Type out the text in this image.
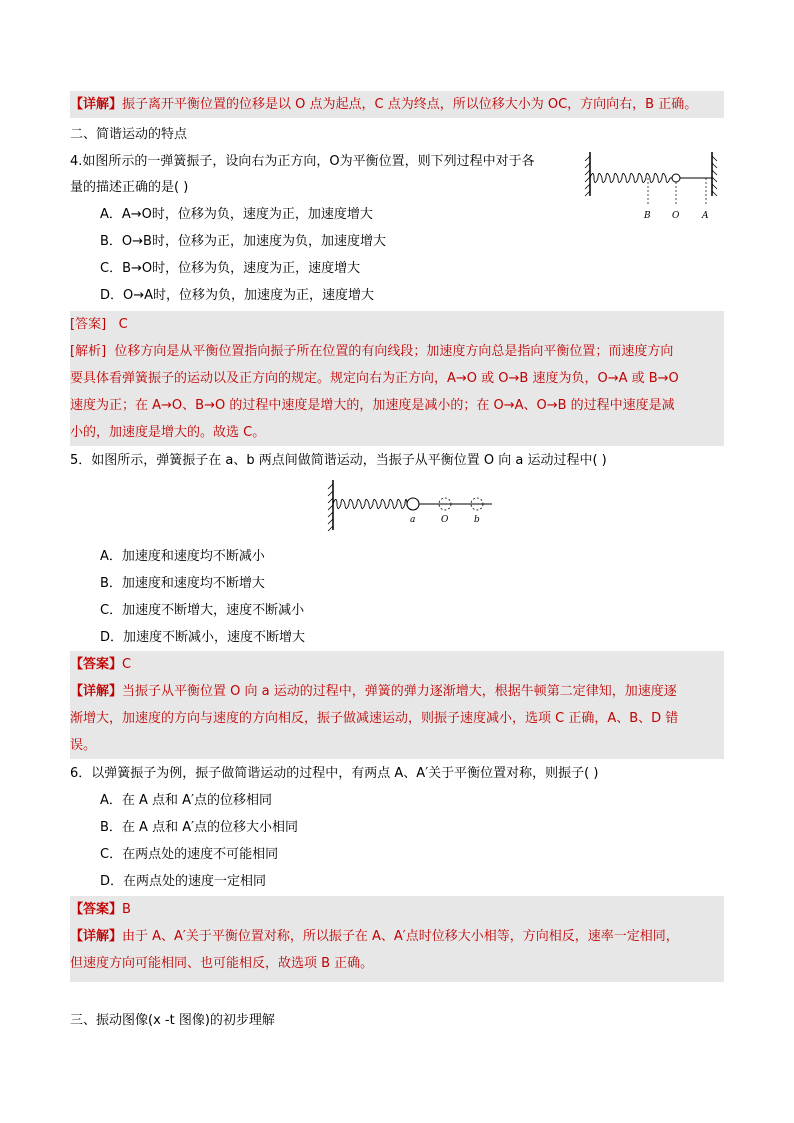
【详解】振子离开平衡位置的位移是以 O 点为起点，C 点为终点，所以位移大小为 OC，方向向右，B 正确。
二、简谐运动的特点
4.如图所示的一弹簧振子，设向右为正方向，O为平衡位置，则下列过程中对于各
量的描述正确的是( )
A．A→O时，位移为负，速度为正，加速度增大
B．O→B时，位移为正，加速度为负，加速度增大
C．B→O时，位移为负，速度为正，速度增大
D．O→A时，位移为负，加速度为正，速度增大
B O	A
[答案] C
[解析] 位移方向是从平衡位置指向振子所在位置的有向线段；加速度方向总是指向平衡位置；而速度方向
要具体看弹簧振子的运动以及正方向的规定。规定向右为正方向，A→O 或 O→B 速度为负，O→A 或 B→O
速度为正；在 A→O、B→O 的过程中速度是增大的，加速度是减小的；在 O→A、O→B 的过程中速度是减
小的，加速度是增大的。故选 C。
5．如图所示，弹簧振子在 a、b 两点间做简谐运动，当振子从平衡位置 O 向 a 运动过程中( )
a	O	b
A．加速度和速度均不断减小
B．加速度和速度均不断增大
C．加速度不断增大，速度不断减小
D．加速度不断减小，速度不断增大
【答案】C
【详解】当振子从平衡位置 O 向 a 运动的过程中，弹簧的弹力逐渐增大，根据牛顿第二定律知，加速度逐
渐增大，加速度的方向与速度的方向相反，振子做减速运动，则振子速度减小，选项 C 正确，A、B、D 错
误。
6．以弹簧振子为例，振子做简谐运动的过程中，有两点 A、A′关于平衡位置对称，则振子( )
A．在 A 点和 A′点的位移相同
B．在 A 点和 A′点的位移大小相同
C．在两点处的速度不可能相同
D．在两点处的速度一定相同
【答案】B
【详解】由于 A、A′关于平衡位置对称，所以振子在 A、A′点时位移大小相等，方向相反，速率一定相同，
但速度方向可能相同、也可能相反，故选项 B 正确。
三、振动图像(x -t 图像)的初步理解
